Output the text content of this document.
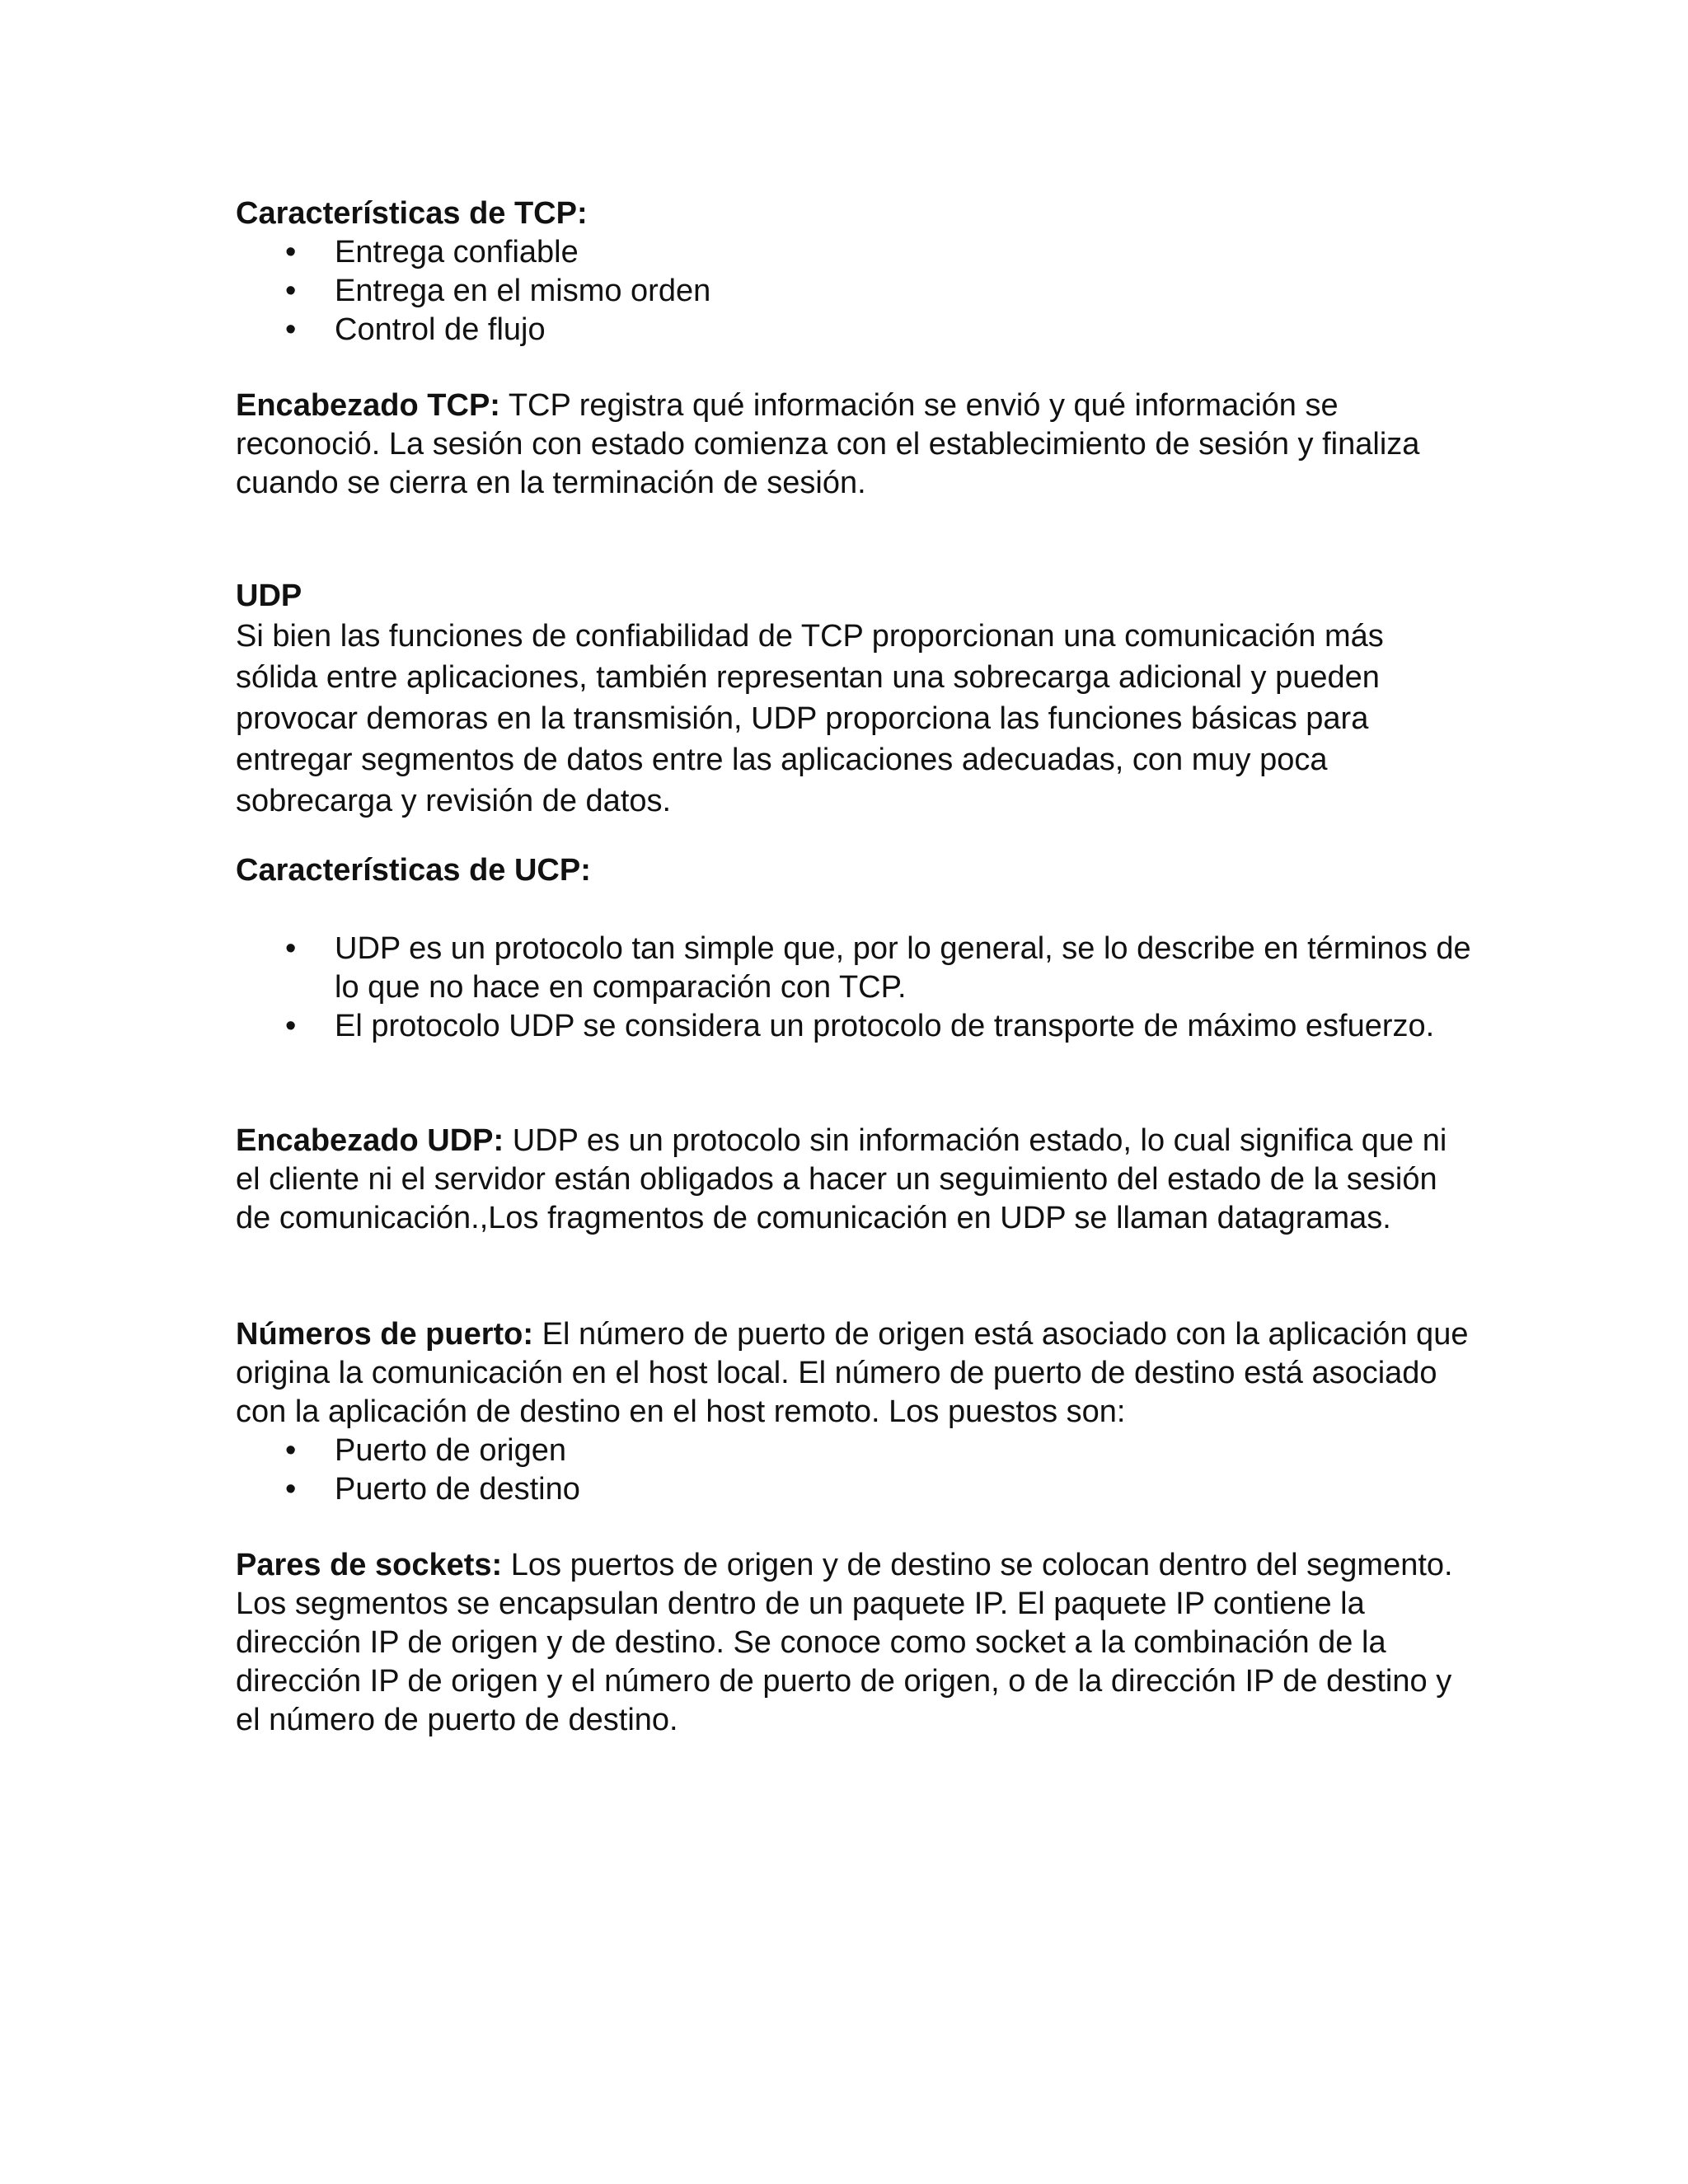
Características de TCP:

• Entrega confiable
• Entrega en el mismo orden
• Control de flujo

Encabezado TCP: TCP registra qué información se envió y qué información se reconoció. La sesión con estado comienza con el establecimiento de sesión y finaliza cuando se cierra en la terminación de sesión.

UDP

Si bien las funciones de confiabilidad de TCP proporcionan una comunicación más sólida entre aplicaciones, también representan una sobrecarga adicional y pueden provocar demoras en la transmisión, UDP proporciona las funciones básicas para entregar segmentos de datos entre las aplicaciones adecuadas, con muy poca sobrecarga y revisión de datos.

Características de UCP:

• UDP es un protocolo tan simple que, por lo general, se lo describe en términos de lo que no hace en comparación con TCP.
• El protocolo UDP se considera un protocolo de transporte de máximo esfuerzo.

Encabezado UDP: UDP es un protocolo sin información estado, lo cual significa que ni el cliente ni el servidor están obligados a hacer un seguimiento del estado de la sesión de comunicación.,Los fragmentos de comunicación en UDP se llaman datagramas.

Números de puerto: El número de puerto de origen está asociado con la aplicación que origina la comunicación en el host local. El número de puerto de destino está asociado con la aplicación de destino en el host remoto. Los puestos son:

• Puerto de origen
• Puerto de destino

Pares de sockets: Los puertos de origen y de destino se colocan dentro del segmento. Los segmentos se encapsulan dentro de un paquete IP. El paquete IP contiene la dirección IP de origen y de destino. Se conoce como socket a la combinación de la dirección IP de origen y el número de puerto de origen, o de la dirección IP de destino y el número de puerto de destino.
